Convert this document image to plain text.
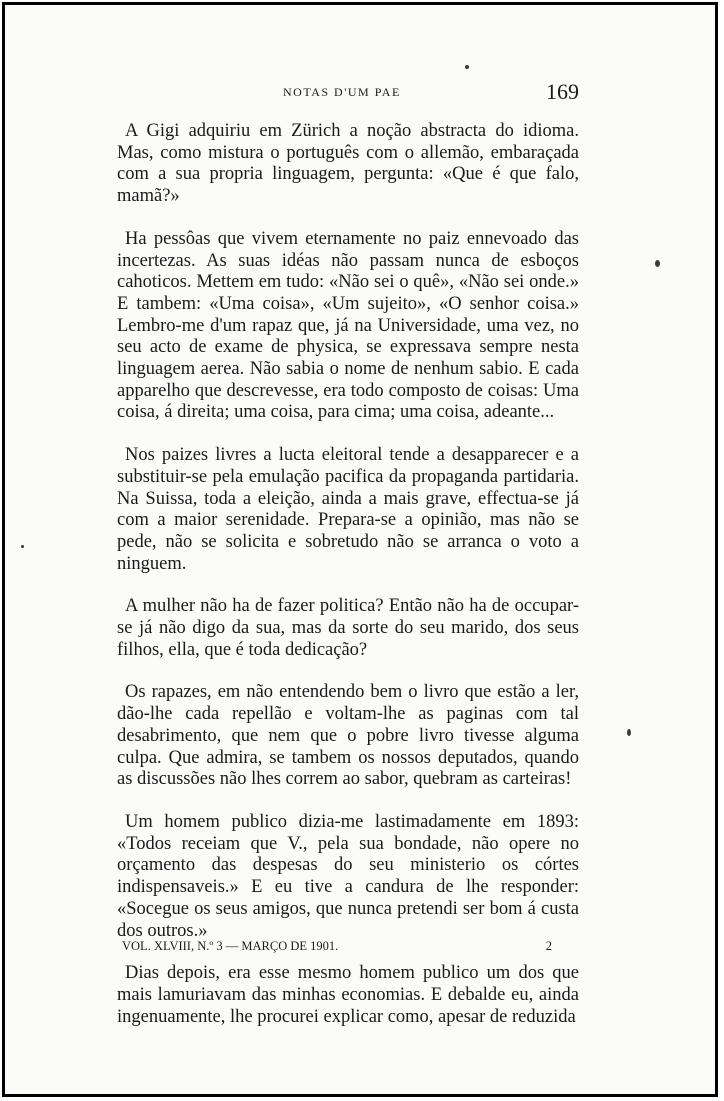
NOTAS D'UM PAE	169

A Gigi adquiriu em Zürich a noção abstracta do idioma. Mas, como mistura o português com o allemão, embaraçada com a sua propria linguagem, pergunta: «Que é que falo, mamã?»

Ha pessôas que vivem eternamente no paiz ennevoado das incertezas. As suas idéas não passam nunca de esboços cahoticos. Mettem em tudo: «Não sei o quê», «Não sei onde.» E tambem: «Uma coisa», «Um sujeito», «O senhor coisa.» Lembro-me d'um rapaz que, já na Universidade, uma vez, no seu acto de exame de physica, se expressava sempre nesta linguagem aerea. Não sabia o nome de nenhum sabio. E cada apparelho que descrevesse, era todo composto de coisas: Uma coisa, á direita; uma coisa, para cima; uma coisa, adeante...

Nos paizes livres a lucta eleitoral tende a desapparecer e a substituir-se pela emulação pacifica da propaganda partidaria. Na Suissa, toda a eleição, ainda a mais grave, effectua-se já com a maior serenidade. Prepara-se a opinião, mas não se pede, não se solicita e sobretudo não se arranca o voto a ninguem.

A mulher não ha de fazer politica? Então não ha de occupar-se já não digo da sua, mas da sorte do seu marido, dos seus filhos, ella, que é toda dedicação?

Os rapazes, em não entendendo bem o livro que estão a ler, dão-lhe cada repellão e voltam-lhe as paginas com tal desabrimento, que nem que o pobre livro tivesse alguma culpa. Que admira, se tambem os nossos deputados, quando as discussões não lhes correm ao sabor, quebram as carteiras!

Um homem publico dizia-me lastimadamente em 1893: «Todos receiam que V., pela sua bondade, não opere no orçamento das despesas do seu ministerio os córtes indispensaveis.» E eu tive a candura de lhe responder: «Socegue os seus amigos, que nunca pretendi ser bom á custa dos outros.»

Dias depois, era esse mesmo homem publico um dos que mais lamuriavam das minhas economias. E debalde eu, ainda ingenuamente, lhe procurei explicar como, apesar de reduzida

VOL. XLVIII, N.º 3 — MARÇO DE 1901.	2
